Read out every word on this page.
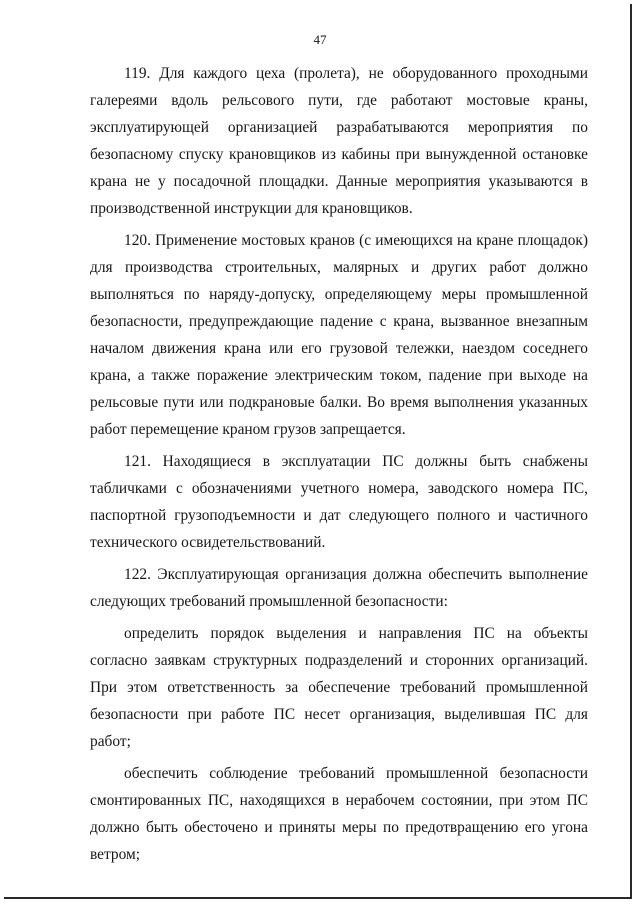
47

119. Для каждого цеха (пролета), не оборудованного проходными галереями вдоль рельсового пути, где работают мостовые краны, эксплуатирующей организацией разрабатываются мероприятия по безопасному спуску крановщиков из кабины при вынужденной остановке крана не у посадочной площадки. Данные мероприятия указываются в производственной инструкции для крановщиков.

120. Применение мостовых кранов (с имеющихся на кране площадок) для производства строительных, малярных и других работ должно выполняться по наряду-допуску, определяющему меры промышленной безопасности, предупреждающие падение с крана, вызванное внезапным началом движения крана или его грузовой тележки, наездом соседнего крана, а также поражение электрическим током, падение при выходе на рельсовые пути или подкрановые балки. Во время выполнения указанных работ перемещение краном грузов запрещается.

121. Находящиеся в эксплуатации ПС должны быть снабжены табличками с обозначениями учетного номера, заводского номера ПС, паспортной грузоподъемности и дат следующего полного и частичного технического освидетельствований.

122. Эксплуатирующая организация должна обеспечить выполнение следующих требований промышленной безопасности:

определить порядок выделения и направления ПС на объекты согласно заявкам структурных подразделений и сторонних организаций. При этом ответственность за обеспечение требований промышленной безопасности при работе ПС несет организация, выделившая ПС для работ;

обеспечить соблюдение требований промышленной безопасности смонтированных ПС, находящихся в нерабочем состоянии, при этом ПС должно быть обесточено и приняты меры по предотвращению его угона ветром;
